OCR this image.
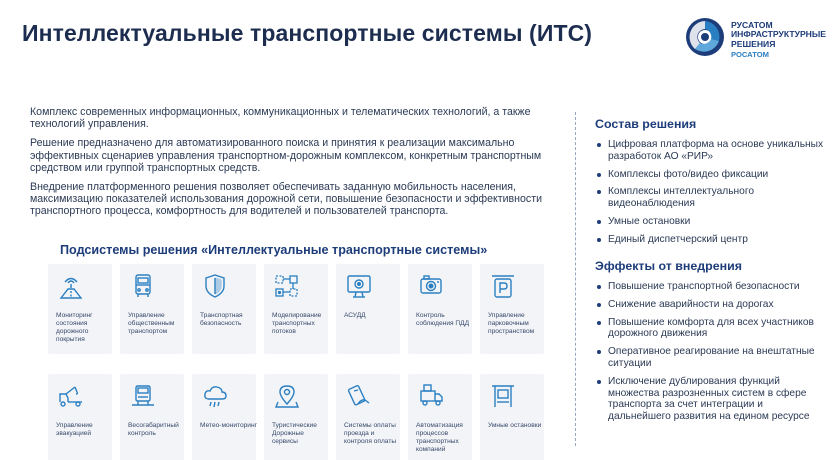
Интеллектуальные транспортные системы (ИТС)	РУСАТОМ
ИНФРАСТРУКТУРНЫЕ
РЕШЕНИЯ
РОСАТОМ

Комплекс современных информационных, коммуникационных и телематических технологий, а также технологий управления.

Решение предназначено для автоматизированного поиска и принятия к реализации максимально эффективных сценариев управления транспортном-дорожным комплексом, конкретным транспортным средством или группой транспортных средств.

Внедрение платформенного решения позволяет обеспечивать заданную мобильность населения, максимизацию показателей использования дорожной сети, повышение безопасности и эффективности транспортного процесса, комфортность для водителей и пользователей транспорта.

Подсистемы решения «Интеллектуальные транспортные системы»
Мониторинг состояния дорожного покрытия
Управление общественным транспортом
Транспортная безопасность
Моделирование транспортных потоков
АСУДД	Контроль соблюдения ПДД
Управление парковочным пространством
Управление эвакуацией
Весогабаритный контроль
Метео-мониторинг Туристические Дорожные сервисы
Системы оплаты проезда и контроля оплаты
Автоматизация процессов транспортных компаний
Умные остановки
Состав решения
Цифровая платформа на основе уникальных разработок АО «РИР»
Комплексы фото/видео фиксации
Комплексы интеллектуального видеонаблюдения
Умные остановки
Единый диспетчерский центр
Эффекты от внедрения
Повышение транспортной безопасности
Снижение аварийности на дорогах
Повышение комфорта для всех участников дорожного движения
Оперативное реагирование на внештатные ситуации
Исключение дублирования функций множества разрозненных систем в сфере транспорта за счет интеграции и дальнейшего развития на едином ресурсе
